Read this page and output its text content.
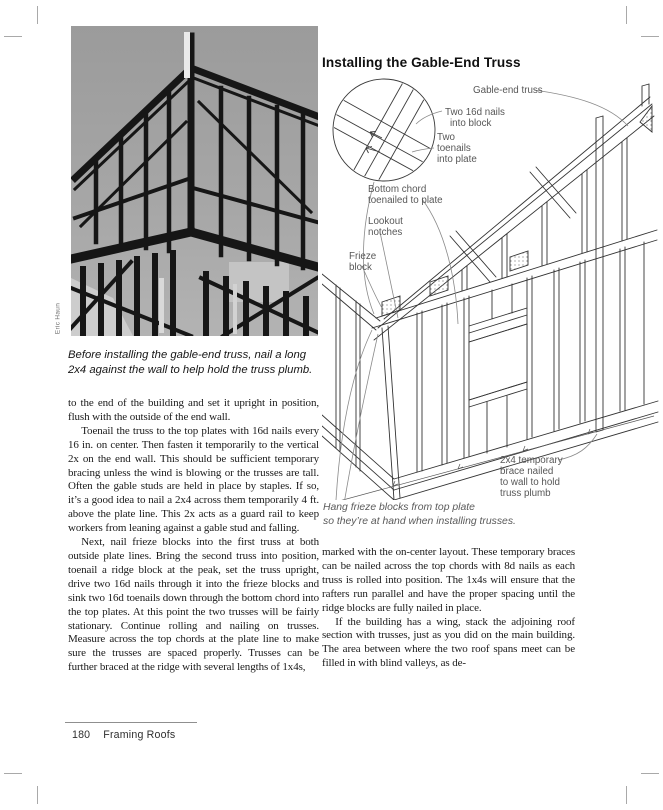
Eric Haun

Before installing the gable-end truss, nail a long 2x4 against the wall to help hold the truss plumb.

Installing the Gable-End Truss
Gable-end truss
Two 16d nails
into block
Two
toenails
into plate
Bottom chord
toenailed to plate
Lookout
notches
Frieze
block
2x4 temporary
brace nailed
to wall to hold
truss plumb

Hang frieze blocks from top plate
so they’re at hand when installing trusses.

to the end of the building and set it upright in position, flush with the outside of the end wall.

Toenail the truss to the top plates with 16d nails every 16 in. on center. Then fasten it temporarily to the vertical 2x on the end wall. This should be sufficient temporary bracing unless the wind is blowing or the trusses are tall. Often the gable studs are held in place by staples. If so, it’s a good idea to nail a 2x4 across them temporarily 4 ft. above the plate line. This 2x acts as a guard rail to keep workers from leaning against a gable stud and falling.

Next, nail frieze blocks into the first truss at both outside plate lines. Bring the second truss into position, toenail a ridge block at the peak, set the truss upright, drive two 16d nails through it into the frieze blocks and sink two 16d toenails down through the bottom chord into the top plates. At this point the two trusses will be fairly stationary. Continue rolling and nailing on trusses. Measure across the top chords at the plate line to make sure the trusses are spaced properly. Trusses can be further braced at the ridge with several lengths of 1x4s,

marked with the on-center layout. These temporary braces can be nailed across the top chords with 8d nails as each truss is rolled into position. The 1x4s will ensure that the rafters run parallel and have the proper spacing until the ridge blocks are fully nailed in place.

If the building has a wing, stack the adjoining roof section with trusses, just as you did on the main building. The area between where the two roof spans meet can be filled in with blind valleys, as de-

180 Framing Roofs
